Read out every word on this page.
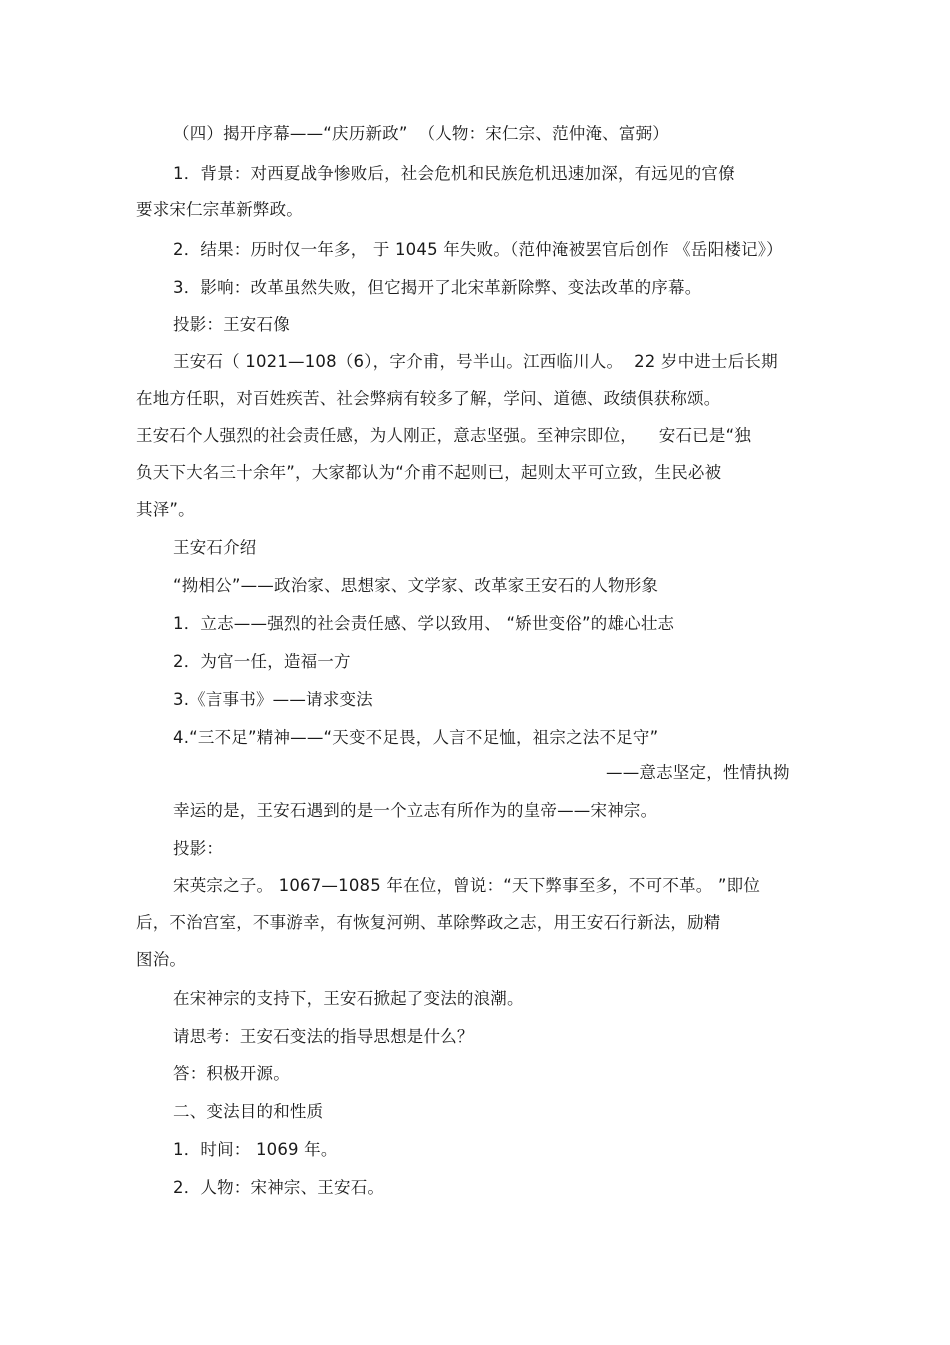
（四）揭开序幕——“庆历新政”  （人物：宋仁宗、范仲淹、富弼）
1．背景：对西夏战争惨败后，社会危机和民族危机迅速加深，有远见的官僚
要求宋仁宗革新弊政。
2．结果：历时仅一年多， 于 1045 年失败。（范仲淹被罢官后创作 《岳阳楼记》）
3．影响：改革虽然失败，但它揭开了北宋革新除弊、变法改革的序幕。
投影：王安石像
王安石（ 1021—108（6），字介甫，号半山。江西临川人。  22 岁中进士后长期
在地方任职，对百姓疾苦、社会弊病有较多了解，学问、道德、政绩俱获称颂。
王安石个人强烈的社会责任感，为人刚正，意志坚强。至神宗即位，    安石已是“独
负天下大名三十余年”，大家都认为“介甫不起则已，起则太平可立致，生民必被
其泽”。
王安石介绍
“拗相公”——政治家、思想家、文学家、改革家王安石的人物形象
1．立志——强烈的社会责任感、学以致用、 “矫世变俗”的雄心壮志
2．为官一任，造福一方
3.《言事书》——请求变法
4.“三不足”精神——“天变不足畏，人言不足恤，祖宗之法不足守”
——意志坚定，性情执拗
幸运的是，王安石遇到的是一个立志有所作为的皇帝——宋神宗。
投影：
宋英宗之子。 1067—1085 年在位，曾说：“天下弊事至多，不可不革。 ”即位
后，不治宫室，不事游幸，有恢复河朔、革除弊政之志，用王安石行新法，励精
图治。
在宋神宗的支持下，王安石掀起了变法的浪潮。
请思考：王安石变法的指导思想是什么？
答：积极开源。
二、变法目的和性质
1．时间： 1069 年。
2．人物：宋神宗、王安石。
